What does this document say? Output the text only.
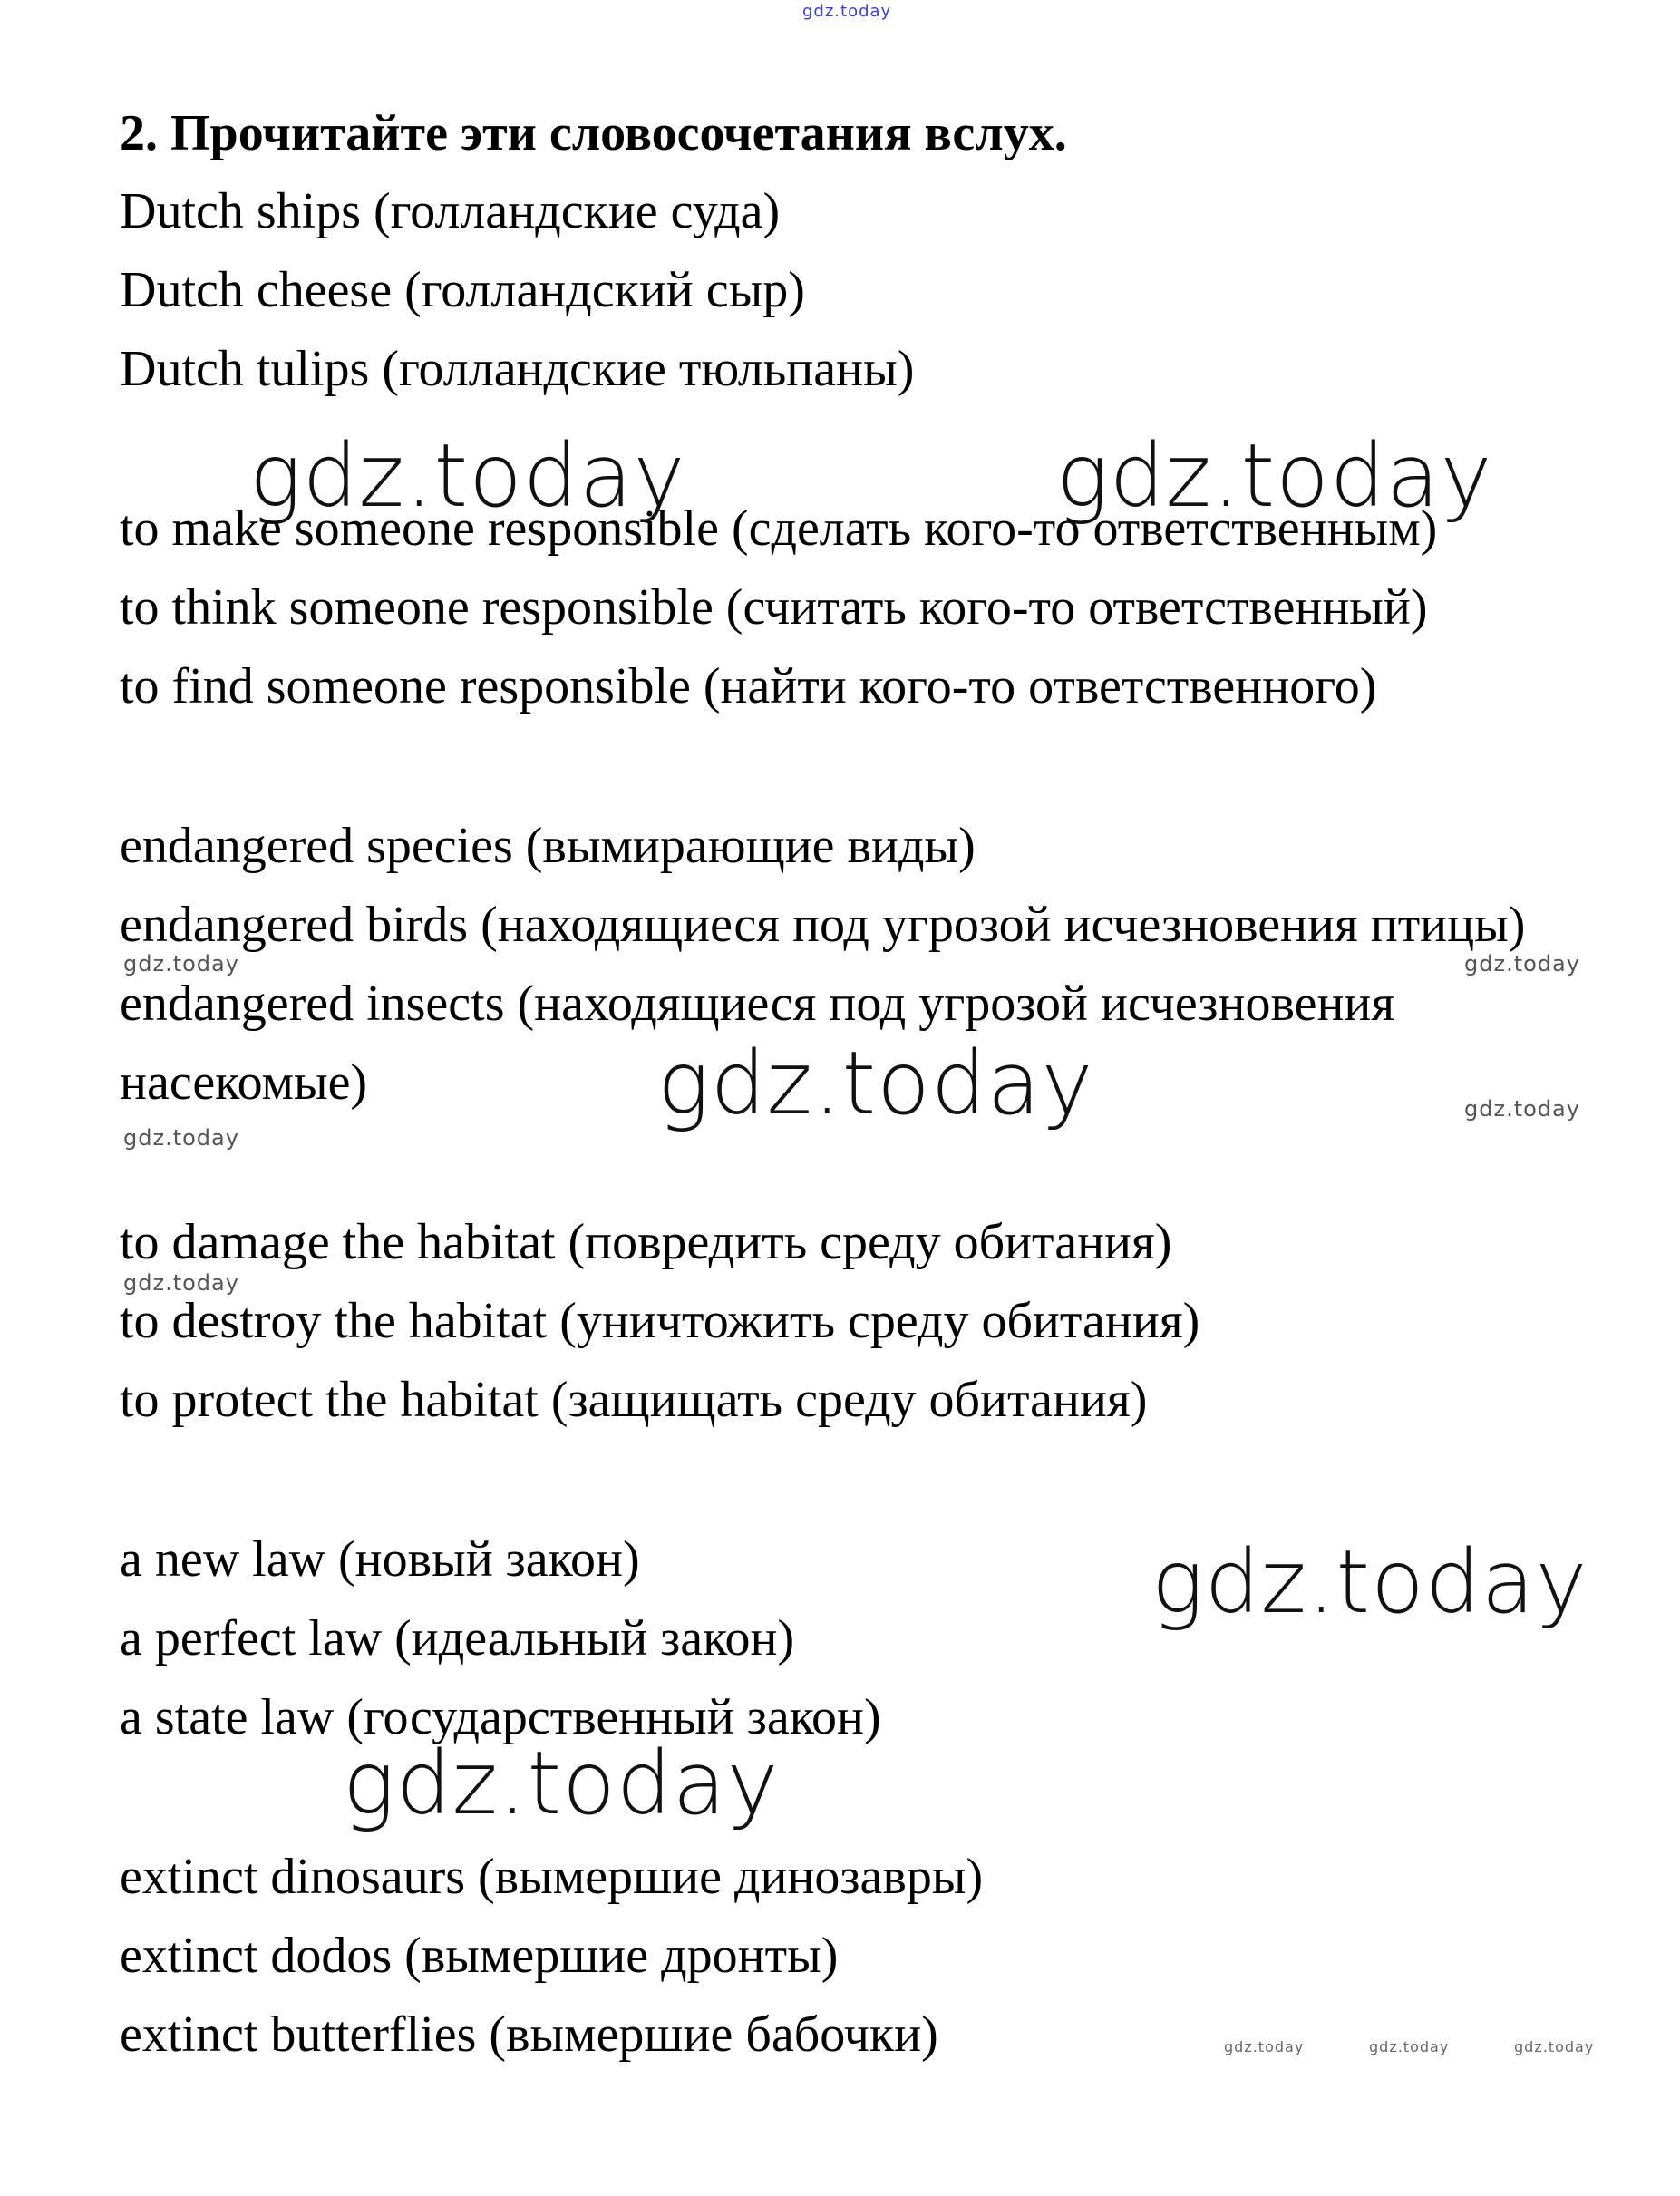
gdz.today
2. Прочитайте эти словосочетания вслух.
Dutch ships (голландские суда)
Dutch cheese (голландский сыр)
Dutch tulips (голландские тюльпаны)
gdz.today	gdz.today
to make someone responsible (сделать кого-то ответственным)
to think someone responsible (считать кого-то ответственный)
to find someone responsible (найти кого-то ответственного)
endangered species (вымирающие виды)
endangered birds (находящиеся под угрозой исчезновения птицы)
gdz.today	gdz.today
endangered insects (находящиеся под угрозой исчезновения
насекомые)	gdz.today	gdz.today
gdz.today
to damage the habitat (повредить среду обитания)
gdz.today
to destroy the habitat (уничтожить среду обитания)
to protect the habitat (защищать среду обитания)
a new law (новый закон)	gdz.today
a perfect law (идеальный закон)
a state law (государственный закон)
gdz.today
extinct dinosaurs (вымершие динозавры)
extinct dodos (вымершие дронты)
extinct butterflies (вымершие бабочки)	gdz.today	gdz.today	gdz.today
